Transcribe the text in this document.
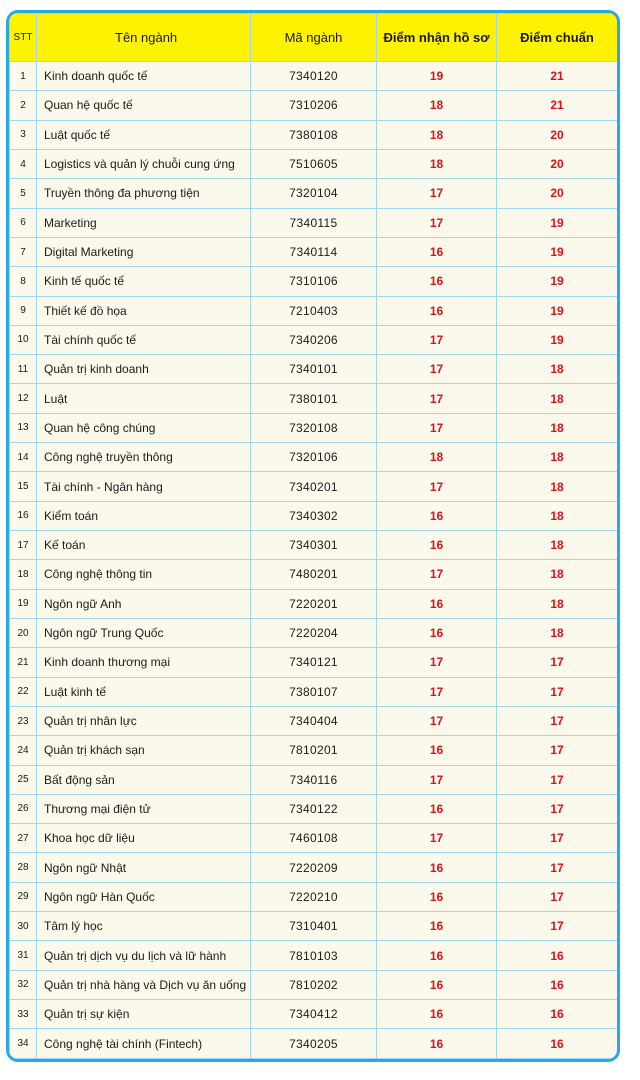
STT	Tên ngành	Mã ngành	Điểm nhận hồ sơ	Điểm chuẩn
1	Kinh doanh quốc tế	7340120	19	21
2	Quan hệ quốc tế	7310206	18	21
3	Luật quốc tế	7380108	18	20
4	Logistics và quản lý chuỗi cung ứng	7510605	18	20
5	Truyền thông đa phương tiện	7320104	17	20
6	Marketing	7340115	17	19
7	Digital Marketing	7340114	16	19
8	Kinh tế quốc tế	7310106	16	19
9	Thiết kế đồ họa	7210403	16	19
10	Tài chính quốc tế	7340206	17	19
11	Quản trị kinh doanh	7340101	17	18
12	Luật	7380101	17	18
13	Quan hệ công chúng	7320108	17	18
14	Công nghệ truyền thông	7320106	18	18
15	Tài chính - Ngân hàng	7340201	17	18
16	Kiểm toán	7340302	16	18
17	Kế toán	7340301	16	18
18	Công nghệ thông tin	7480201	17	18
19	Ngôn ngữ Anh	7220201	16	18
20	Ngôn ngữ Trung Quốc	7220204	16	18
21	Kinh doanh thương mại	7340121	17	17
22	Luật kinh tế	7380107	17	17
23	Quản trị nhân lực	7340404	17	17
24	Quản trị khách sạn	7810201	16	17
25	Bất động sản	7340116	17	17
26	Thương mại điện tử	7340122	16	17
27	Khoa học dữ liệu	7460108	17	17
28	Ngôn ngữ Nhật	7220209	16	17
29	Ngôn ngữ Hàn Quốc	7220210	16	17
30	Tâm lý học	7310401	16	17
31	Quản trị dịch vụ du lịch và lữ hành	7810103	16	16
32	Quản trị nhà hàng và Dịch vụ ăn uống	7810202	16	16
33	Quản trị sự kiện	7340412	16	16
34	Công nghệ tài chính (Fintech)	7340205	16	16
